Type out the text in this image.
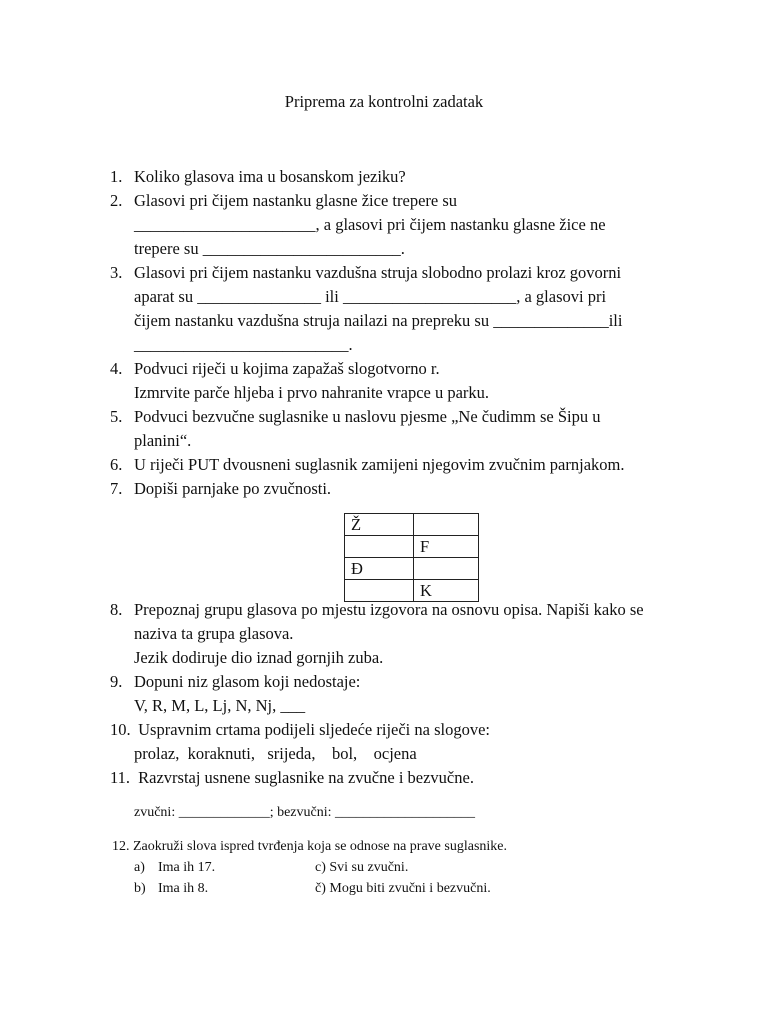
Priprema za kontrolni zadatak
1. Koliko glasova ima u bosanskom jeziku?
2. Glasovi pri čijem nastanku glasne žice trepere su
______________________, a glasovi pri čijem nastanku glasne žice ne
trepere su ________________________.
3. Glasovi pri čijem nastanku vazdušna struja slobodno prolazi kroz govorni
aparat su _______________ ili _____________________, a glasovi pri
čijem nastanku vazdušna struja nailazi na prepreku su ______________ili
__________________________.
4. Podvuci riječi u kojima zapažaš slogotvorno r.
Izmrvite parče hljeba i prvo nahranite vrapce u parku.
5. Podvuci bezvučne suglasnike u naslovu pjesme „Ne čudimm se Šipu u
planini“.
6. U riječi PUT dvousneni suglasnik zamijeni njegovim zvučnim parnjakom.
7. Dopiši parnjake po zvučnosti.
Ž	
	F
Đ	
	K
8. Prepoznaj grupu glasova po mjestu izgovora na osnovu opisa. Napiši kako se
naziva ta grupa glasova.
Jezik dodiruje dio iznad gornjih zuba.
9. Dopuni niz glasom koji nedostaje:
V, R, M, L, Lj, N, Nj, ___
10. Uspravnim crtama podijeli sljedeće riječi na slogove:
prolaz,  koraknuti,   srijeda,    bol,    ocjena
11. Razvrstaj usnene suglasnike na zvučne i bezvučne.
zvučni: _____________; bezvučni: ____________________
12. Zaokruži slova ispred tvrđenja koja se odnose na prave suglasnike.
a) Ima ih 17.	c) Svi su zvučni.
b) Ima ih 8.	č) Mogu biti zvučni i bezvučni.
